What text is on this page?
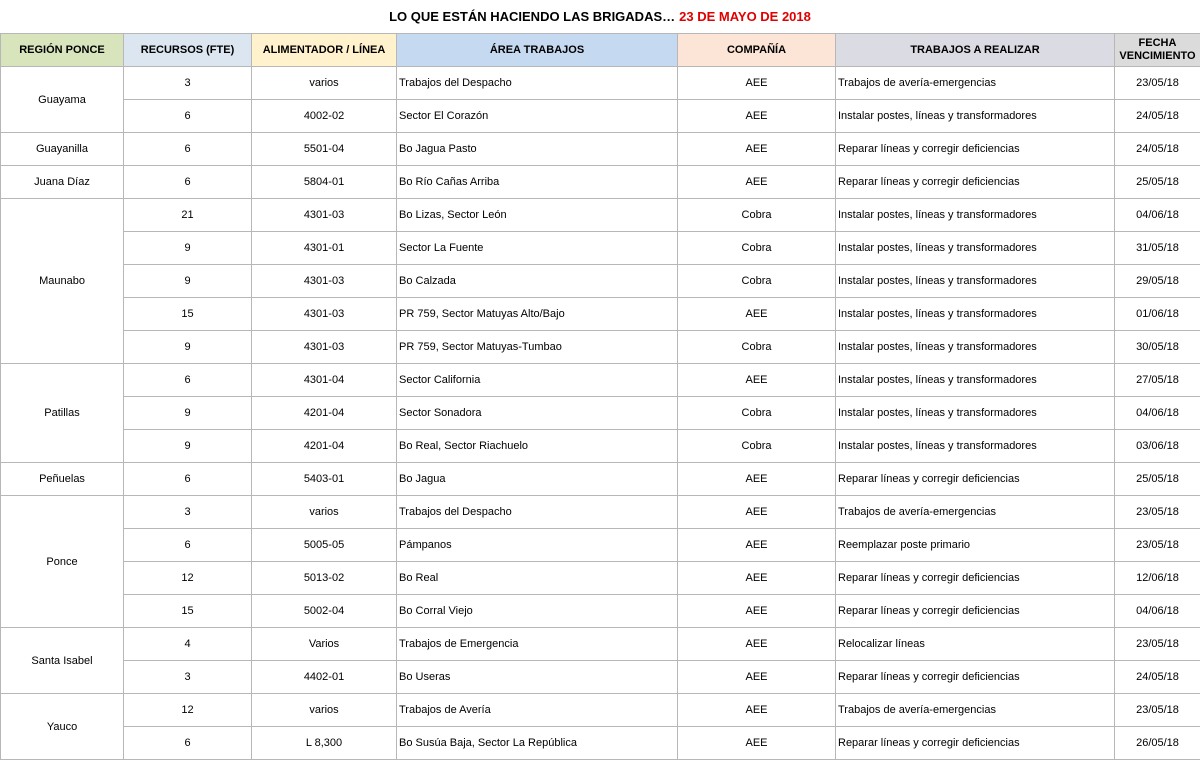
LO QUE ESTÁN HACIENDO LAS BRIGADAS… 23 DE MAYO DE 2018
REGIÓN PONCE	RECURSOS (FTE)	ALIMENTADOR / LÍNEA	ÁREA TRABAJOS	COMPAÑÍA	TRABAJOS A REALIZAR	FECHA
VENCIMIENTO
Guayama	3	varios	Trabajos del Despacho	AEE	Trabajos de avería-emergencias	23/05/18
	6	4002-02	Sector El Corazón	AEE	Instalar postes, líneas y transformadores	24/05/18
Guayanilla	6	5501-04	Bo Jagua Pasto	AEE	Reparar líneas y corregir deficiencias	24/05/18
Juana Díaz	6	5804-01	Bo Río Cañas Arriba	AEE	Reparar líneas y corregir deficiencias	25/05/18
Maunabo	21	4301-03	Bo Lizas, Sector León	Cobra	Instalar postes, líneas y transformadores	04/06/18
	9	4301-01	Sector La Fuente	Cobra	Instalar postes, líneas y transformadores	31/05/18
	9	4301-03	Bo Calzada	Cobra	Instalar postes, líneas y transformadores	29/05/18
	15	4301-03	PR 759, Sector Matuyas Alto/Bajo	AEE	Instalar postes, líneas y transformadores	01/06/18
	9	4301-03	PR 759, Sector Matuyas-Tumbao	Cobra	Instalar postes, líneas y transformadores	30/05/18
Patillas	6	4301-04	Sector California	AEE	Instalar postes, líneas y transformadores	27/05/18
	9	4201-04	Sector Sonadora	Cobra	Instalar postes, líneas y transformadores	04/06/18
	9	4201-04	Bo Real, Sector Riachuelo	Cobra	Instalar postes, líneas y transformadores	03/06/18
Peñuelas	6	5403-01	Bo Jagua	AEE	Reparar líneas y corregir deficiencias	25/05/18
Ponce	3	varios	Trabajos del Despacho	AEE	Trabajos de avería-emergencias	23/05/18
	6	5005-05	Pámpanos	AEE	Reemplazar poste primario	23/05/18
	12	5013-02	Bo Real	AEE	Reparar líneas y corregir deficiencias	12/06/18
	15	5002-04	Bo Corral Viejo	AEE	Reparar líneas y corregir deficiencias	04/06/18
Santa Isabel	4	Varios	Trabajos de Emergencia	AEE	Relocalizar líneas	23/05/18
	3	4402-01	Bo Useras	AEE	Reparar líneas y corregir deficiencias	24/05/18
Yauco	12	varios	Trabajos de Avería	AEE	Trabajos de avería-emergencias	23/05/18
	6	L 8,300	Bo Susúa Baja, Sector La República	AEE	Reparar líneas y corregir deficiencias	26/05/18
